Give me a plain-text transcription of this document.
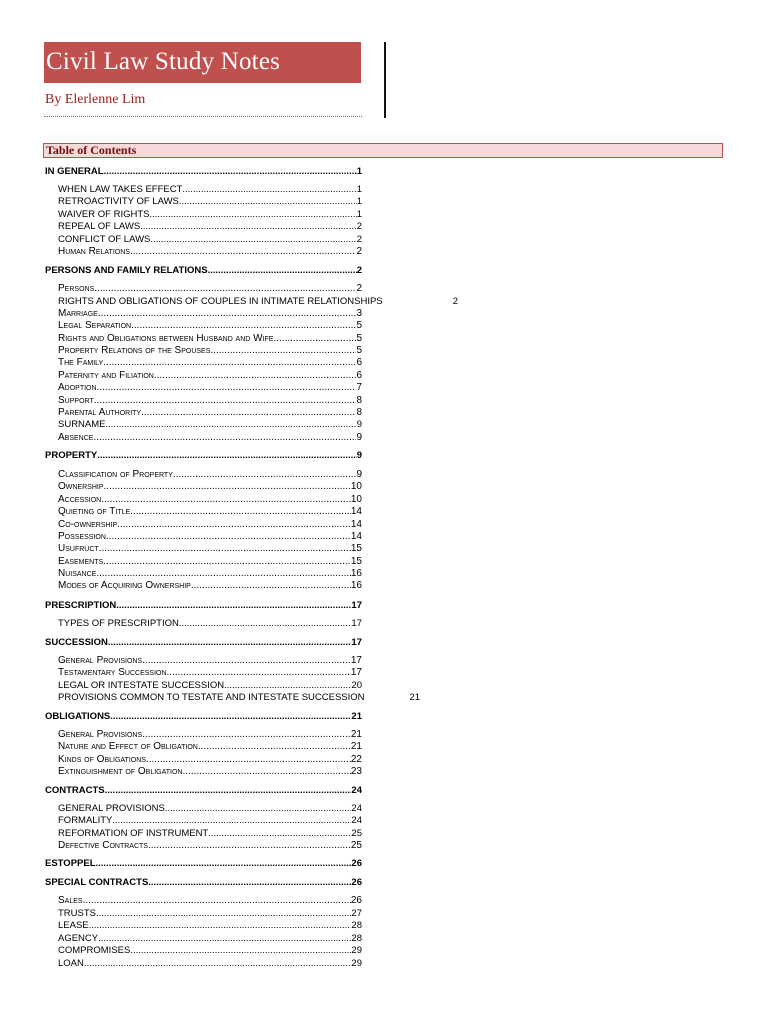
Civil Law Study Notes
By Elerlenne Lim
Table of Contents
IN GENERAL .....	1
WHEN LAW TAKES EFFECT .....	1
RETROACTIVITY OF LAWS .....	1
WAIVER OF RIGHTS .....	1
REPEAL OF LAWS .....	2
CONFLICT OF LAWS .....	2
Human Relations .....	2
PERSONS AND FAMILY RELATIONS .....	2
Persons .....	2
RIGHTS AND OBLIGATIONS OF COUPLES IN INTIMATE RELATIONSHIPS	2
Marriage .....	3
Legal Separation .....	5
Rights and Obligations between Husband and Wife .....	5
Property Relations of the Spouses .....	5
The Family .....	6
Paternity and Filiation .....	6
Adoption .....	7
Support .....	8
Parental Authority .....	8
SURNAME .....	9
Absence .....	9
PROPERTY .....	9
Classification of Property .....	9
Ownership .....	10
Accession .....	10
Quieting of Title .....	14
Co-ownership .....	14
Possession .....	14
Usufruct .....	15
Easements .....	15
Nuisance .....	16
Modes of Acquiring Ownership .....	16
PRESCRIPTION .....	17
TYPES OF PRESCRIPTION .....	17
SUCCESSION .....	17
General Provisions .....	17
Testamentary Succession .....	17
LEGAL OR INTESTATE SUCCESSION .....	20
PROVISIONS COMMON TO TESTATE AND INTESTATE SUCCESSION	21
OBLIGATIONS .....	21
General Provisions .....	21
Nature and Effect of Obligation .....	21
Kinds of Obligations .....	22
Extinguishment of Obligation .....	23
CONTRACTS .....	24
GENERAL PROVISIONS .....	24
FORMALITY .....	24
REFORMATION OF INSTRUMENT .....	25
Defective Contracts .....	25
ESTOPPEL .....	26
SPECIAL CONTRACTS .....	26
Sales .....	26
TRUSTS .....	27
LEASE .....	28
AGENCY .....	28
COMPROMISES .....	29
LOAN .....	29
